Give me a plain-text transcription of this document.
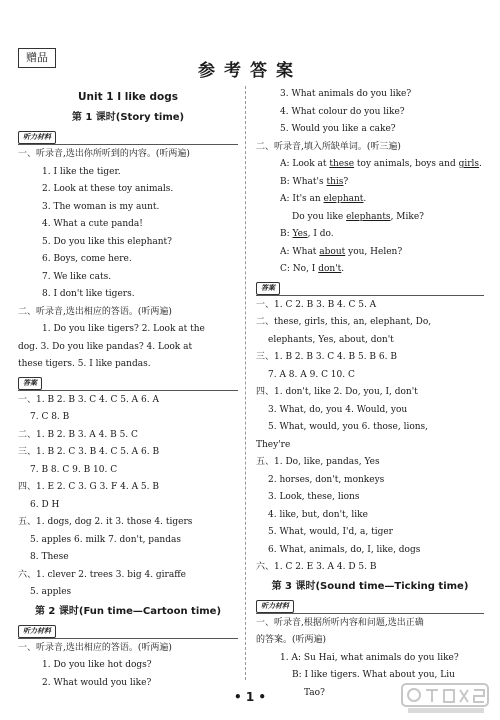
赠品
参考答案
Unit 1 I like dogs
第 1 课时(Story time)
听力材料
一、听录音,选出你所听到的内容。(听两遍)
1. I like the tiger.
2. Look at these toy animals.
3. The woman is my aunt.
4. What a cute panda!
5. Do you like this elephant?
6. Boys, come here.
7. We like cats.
8. I don't like tigers.
二、听录音,选出相应的答语。(听两遍)
1. Do you like tigers? 2. Look at the
dog. 3. Do you like pandas? 4. Look at
these tigers. 5. I like pandas.
答案
一、1. B 2. B 3. C 4. C 5. A 6. A
7. C 8. B
二、1. B 2. B 3. A 4. B 5. C
三、1. B 2. C 3. B 4. C 5. A 6. B
7. B 8. C 9. B 10. C
四、1. E 2. C 3. G 3. F 4. A 5. B
6. D H
五、1. dogs, dog 2. it 3. those 4. tigers
5. apples 6. milk 7. don't, pandas
8. These
六、1. clever 2. trees 3. big 4. giraffe
5. apples
第 2 课时(Fun time—Cartoon time)
听力材料
一、听录音,选出相应的答语。(听两遍)
1. Do you like hot dogs?
2. What would you like?
3. What animals do you like?
4. What colour do you like?
5. Would you like a cake?
二、听录音,填入所缺单词。(听三遍)
A: Look at these toy animals, boys and girls.
B: What's this?
A: It's an elephant.
Do you like elephants, Mike?
B: Yes, I do.
A: What about you, Helen?
C: No, I don't.
答案
一、1. C 2. B 3. B 4. C 5. A
二、these, girls, this, an, elephant, Do,
elephants, Yes, about, don't
三、1. B 2. B 3. C 4. B 5. B 6. B
7. A 8. A 9. C 10. C
四、1. don't, like 2. Do, you, I, don't
3. What, do, you 4. Would, you
5. What, would, you 6. those, lions,
They're
五、1. Do, like, pandas, Yes
2. horses, don't, monkeys
3. Look, these, lions
4. like, but, don't, like
5. What, would, I'd, a, tiger
6. What, animals, do, I, like, dogs
六、1. C 2. E 3. A 4. D 5. B
第 3 课时(Sound time—Ticking time)
听力材料
一、听录音,根据所听内容和问题,选出正确
的答案。(听两遍)
1. A: Su Hai, what animals do you like?
B: I like tigers. What about you, Liu
Tao?
• 1 •
